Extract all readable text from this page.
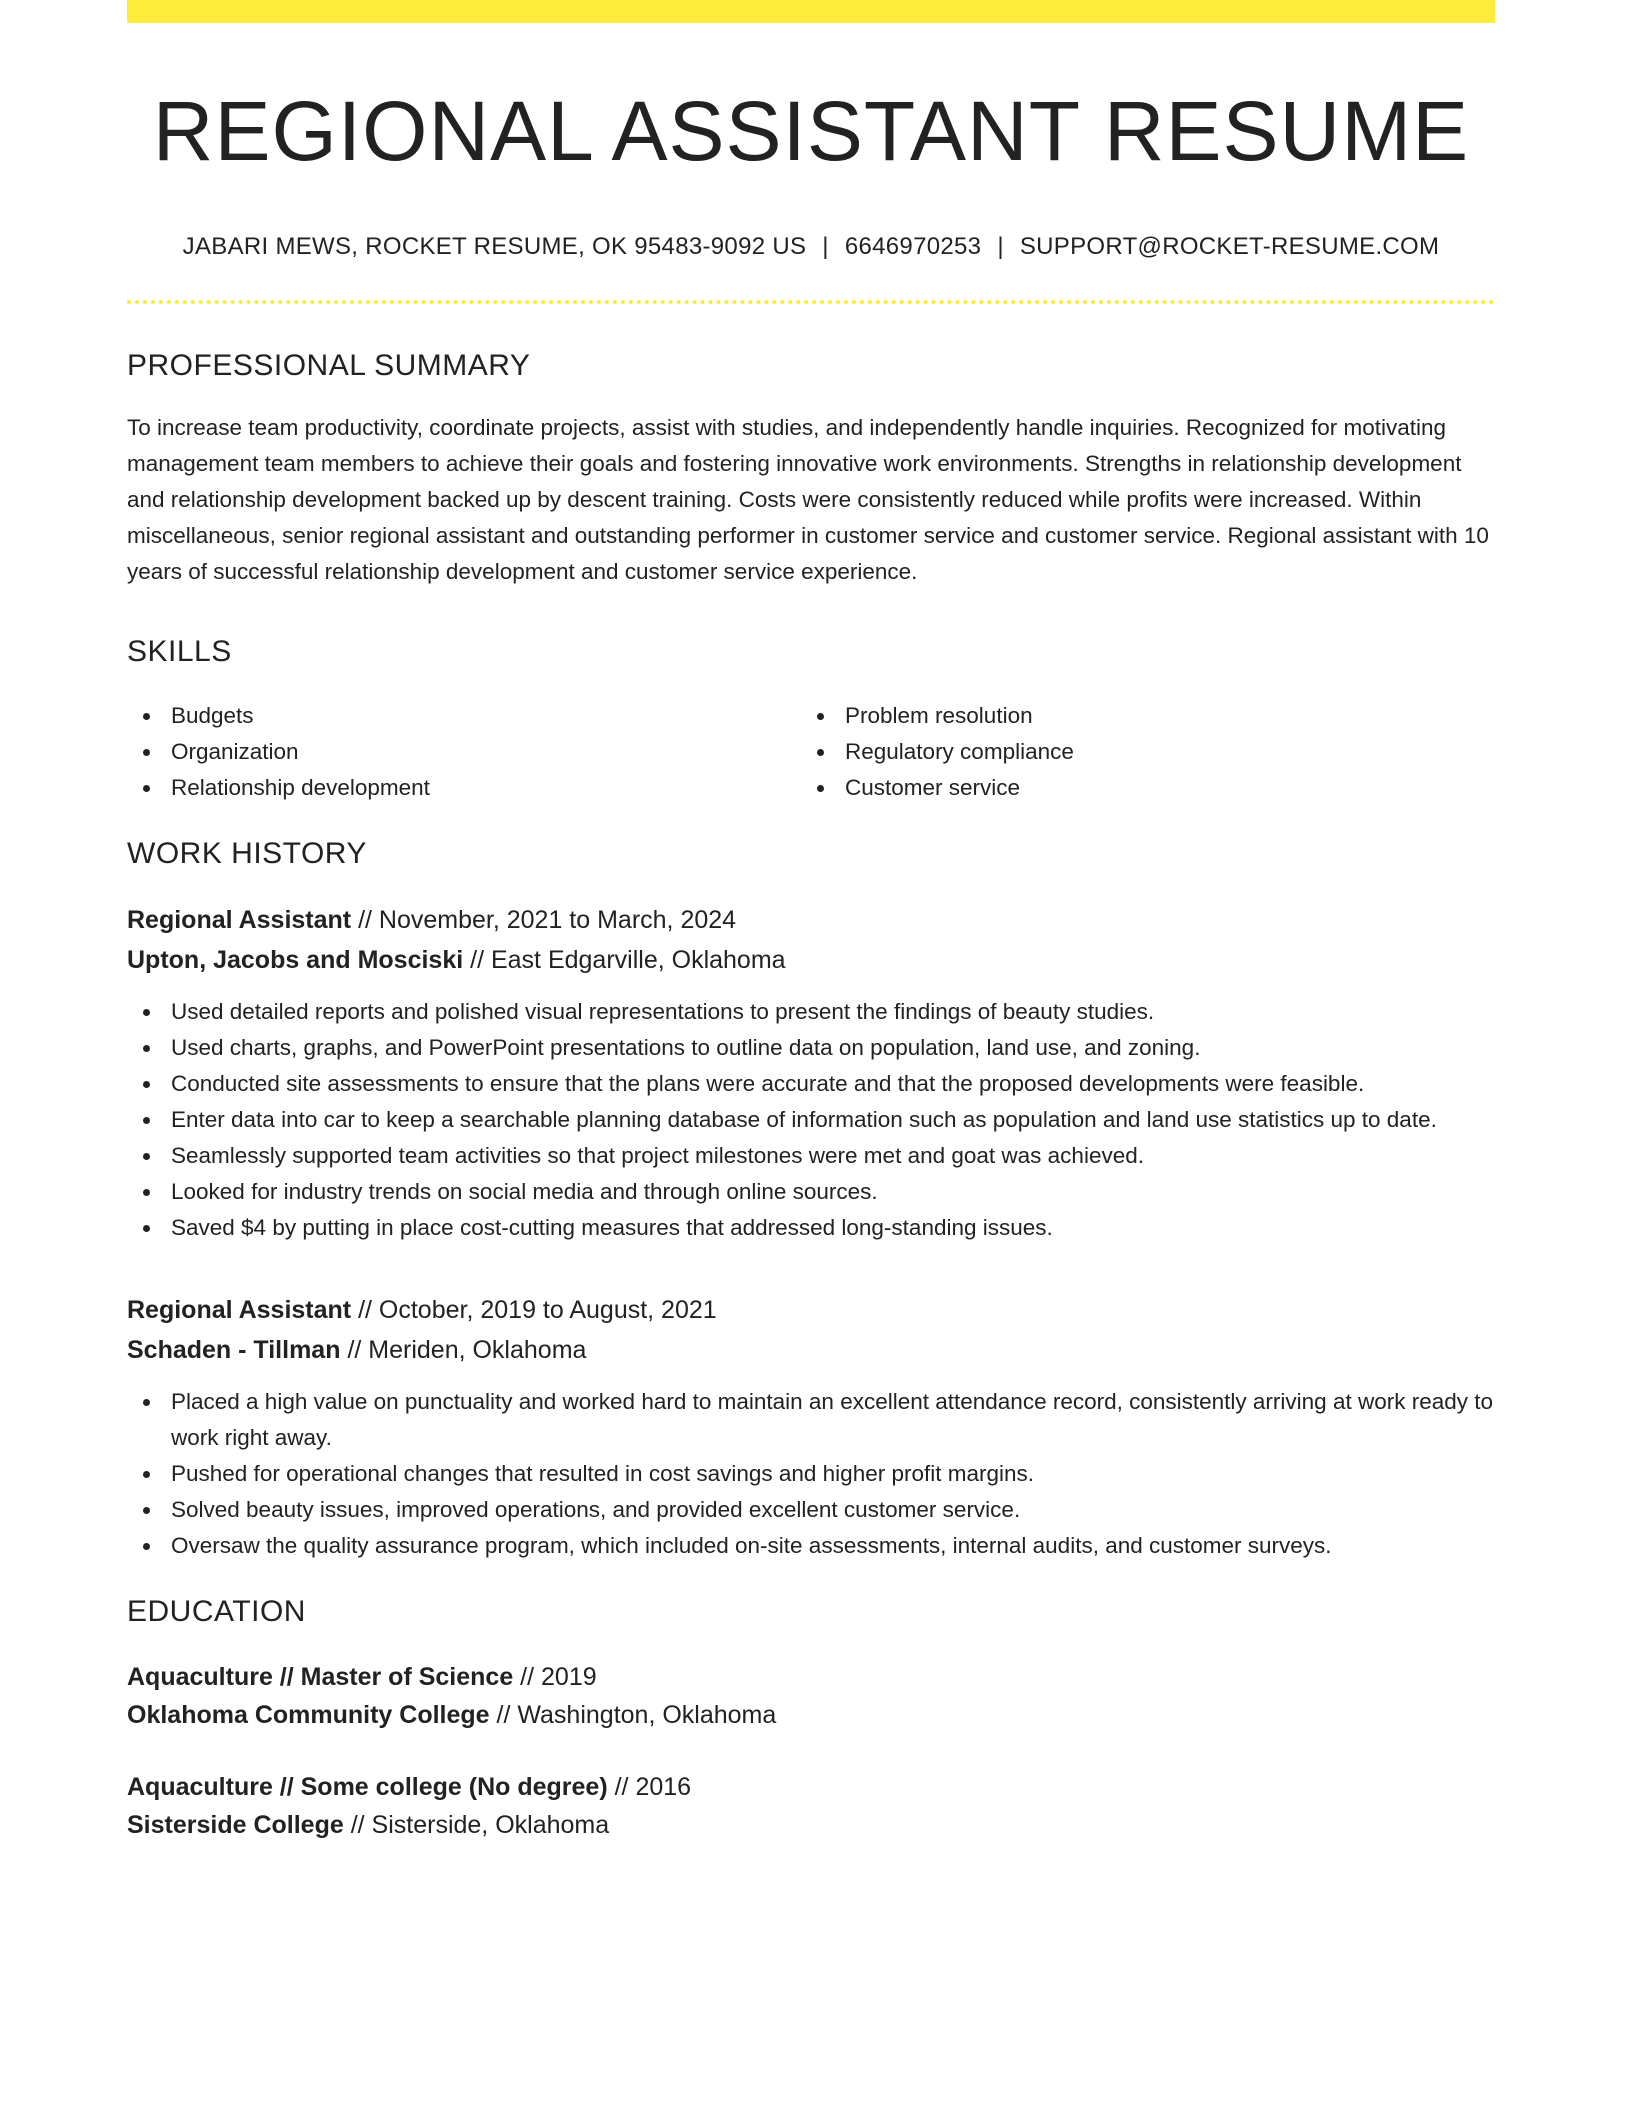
REGIONAL ASSISTANT RESUME
JABARI MEWS, ROCKET RESUME, OK 95483-9092 US | 6646970253 | SUPPORT@ROCKET-RESUME.COM
PROFESSIONAL SUMMARY
To increase team productivity, coordinate projects, assist with studies, and independently handle inquiries. Recognized for motivating management team members to achieve their goals and fostering innovative work environments. Strengths in relationship development and relationship development backed up by descent training. Costs were consistently reduced while profits were increased. Within miscellaneous, senior regional assistant and outstanding performer in customer service and customer service. Regional assistant with 10 years of successful relationship development and customer service experience.
SKILLS
Budgets
Organization
Relationship development
Problem resolution
Regulatory compliance
Customer service
WORK HISTORY
Regional Assistant // November, 2021 to March, 2024
Upton, Jacobs and Mosciski // East Edgarville, Oklahoma
Used detailed reports and polished visual representations to present the findings of beauty studies.
Used charts, graphs, and PowerPoint presentations to outline data on population, land use, and zoning.
Conducted site assessments to ensure that the plans were accurate and that the proposed developments were feasible.
Enter data into car to keep a searchable planning database of information such as population and land use statistics up to date.
Seamlessly supported team activities so that project milestones were met and goat was achieved.
Looked for industry trends on social media and through online sources.
Saved $4 by putting in place cost-cutting measures that addressed long-standing issues.
Regional Assistant // October, 2019 to August, 2021
Schaden - Tillman // Meriden, Oklahoma
Placed a high value on punctuality and worked hard to maintain an excellent attendance record, consistently arriving at work ready to work right away.
Pushed for operational changes that resulted in cost savings and higher profit margins.
Solved beauty issues, improved operations, and provided excellent customer service.
Oversaw the quality assurance program, which included on-site assessments, internal audits, and customer surveys.
EDUCATION
Aquaculture // Master of Science // 2019
Oklahoma Community College // Washington, Oklahoma
Aquaculture // Some college (No degree) // 2016
Sisterside College // Sisterside, Oklahoma
